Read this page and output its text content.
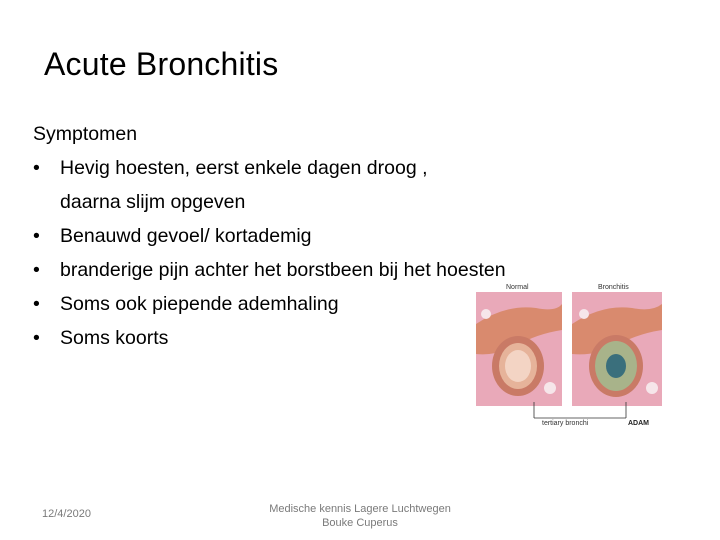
Acute Bronchitis
Symptomen
• Hevig hoesten, eerst enkele dagen droog ,
daarna slijm opgeven
• Benauwd gevoel/ kortademig
• branderige pijn achter het borstbeen bij het hoesten
• Soms ook piepende ademhaling
• Soms koorts
Normal	Bronchitis
tertiary bronchi	ADAM
12/4/2020	Medische kennis Lagere Luchtwegen
Bouke Cuperus
